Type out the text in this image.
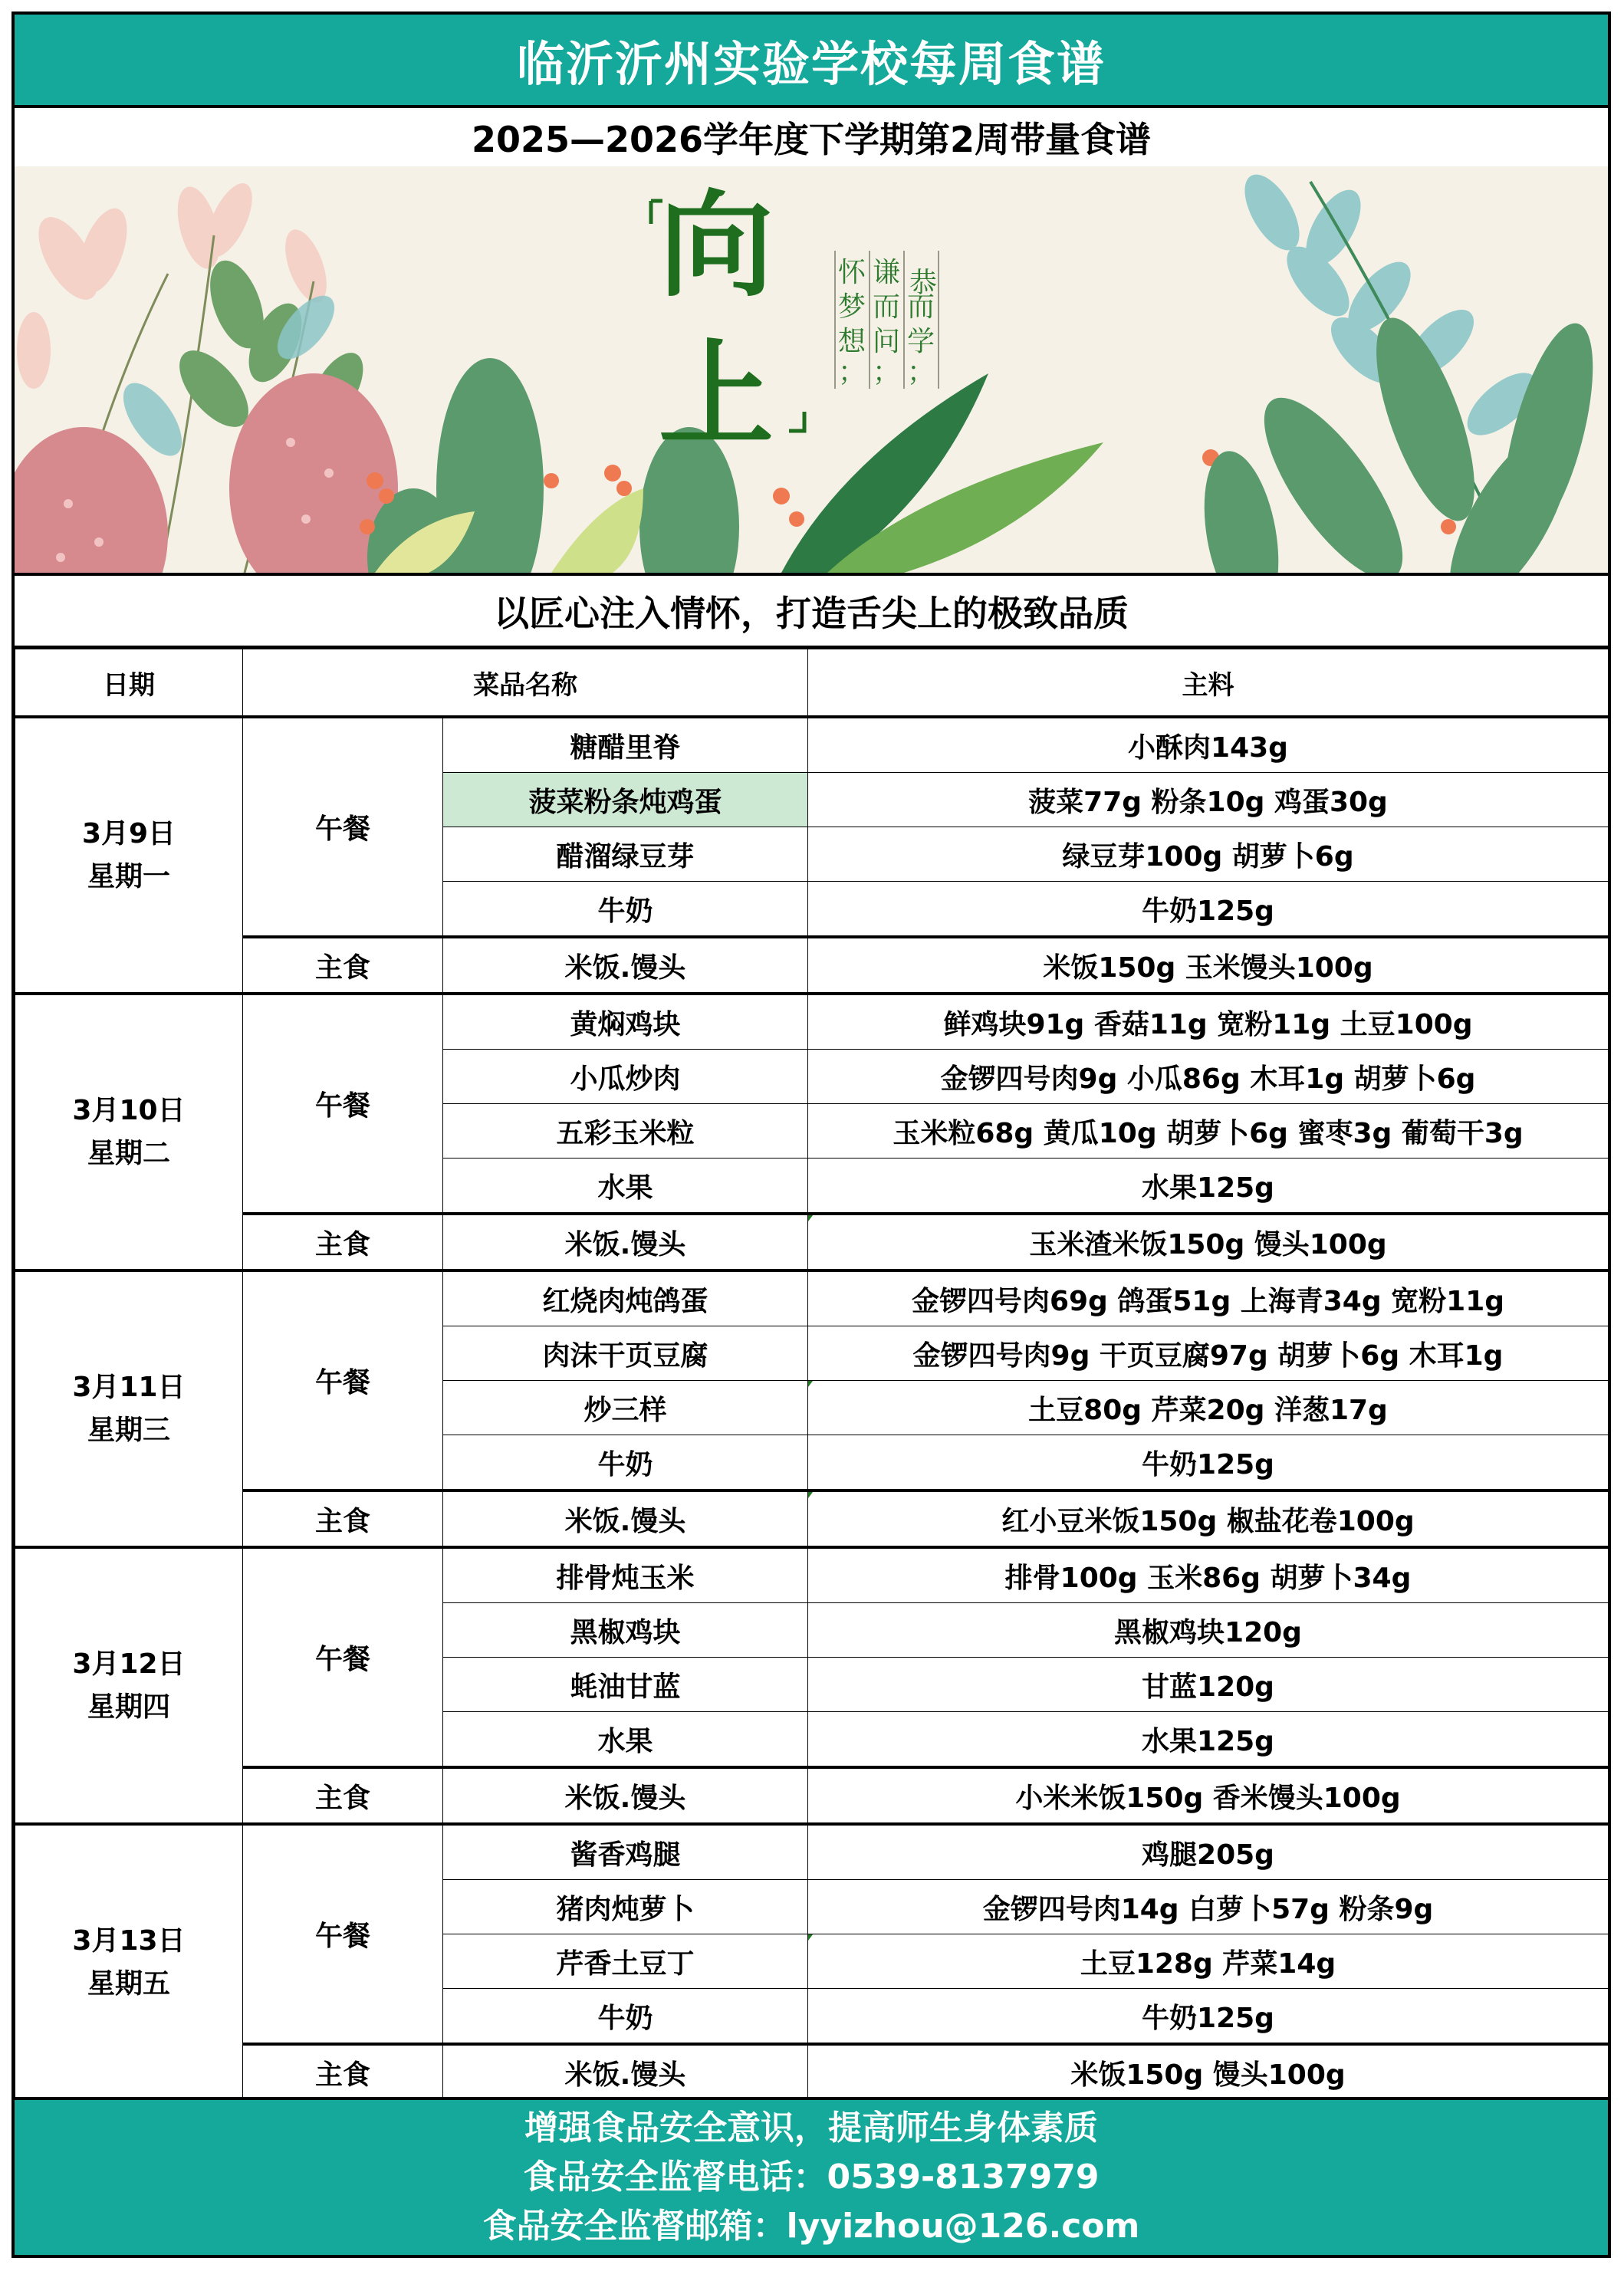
临沂沂州实验学校每周食谱
2025—2026学年度下学期第2周带量食谱
向
上
恭
而
学
；
谦
而
问
；
怀
梦
想
；
以匠心注入情怀，打造舌尖上的极致品质
日期	菜品名称		主料

3月9日
星期一	午餐	糖醋里脊	小酥肉143g
		菠菜粉条炖鸡蛋	菠菜77g 粉条10g 鸡蛋30g
		醋溜绿豆芽	绿豆芽100g 胡萝卜6g
		牛奶	牛奶125g
	主食	米饭.馒头	米饭150g 玉米馒头100g

3月10日
星期二	午餐	黄焖鸡块	鲜鸡块91g 香菇11g 宽粉11g 土豆100g
		小瓜炒肉	金锣四号肉9g 小瓜86g 木耳1g 胡萝卜6g
		五彩玉米粒	玉米粒68g 黄瓜10g 胡萝卜6g 蜜枣3g 葡萄干3g
		水果	水果125g
	主食	米饭.馒头	玉米渣米饭150g 馒头100g

3月11日
星期三	午餐	红烧肉炖鸽蛋	金锣四号肉69g 鸽蛋51g 上海青34g 宽粉11g
		肉沫干页豆腐	金锣四号肉9g 干页豆腐97g 胡萝卜6g 木耳1g
		炒三样	土豆80g 芹菜20g 洋葱17g
		牛奶	牛奶125g
	主食	米饭.馒头	红小豆米饭150g 椒盐花卷100g

3月12日
星期四	午餐	排骨炖玉米	排骨100g 玉米86g 胡萝卜34g
		黑椒鸡块	黑椒鸡块120g
		蚝油甘蓝	甘蓝120g
		水果	水果125g
	主食	米饭.馒头	小米米饭150g 香米馒头100g

3月13日
星期五	午餐	酱香鸡腿	鸡腿205g
		猪肉炖萝卜	金锣四号肉14g 白萝卜57g 粉条9g
		芹香土豆丁	土豆128g 芹菜14g
		牛奶	牛奶125g
	主食	米饭.馒头	米饭150g 馒头100g
增强食品安全意识，提高师生身体素质
食品安全监督电话：0539-8137979
食品安全监督邮箱：lyyizhou@126.com
